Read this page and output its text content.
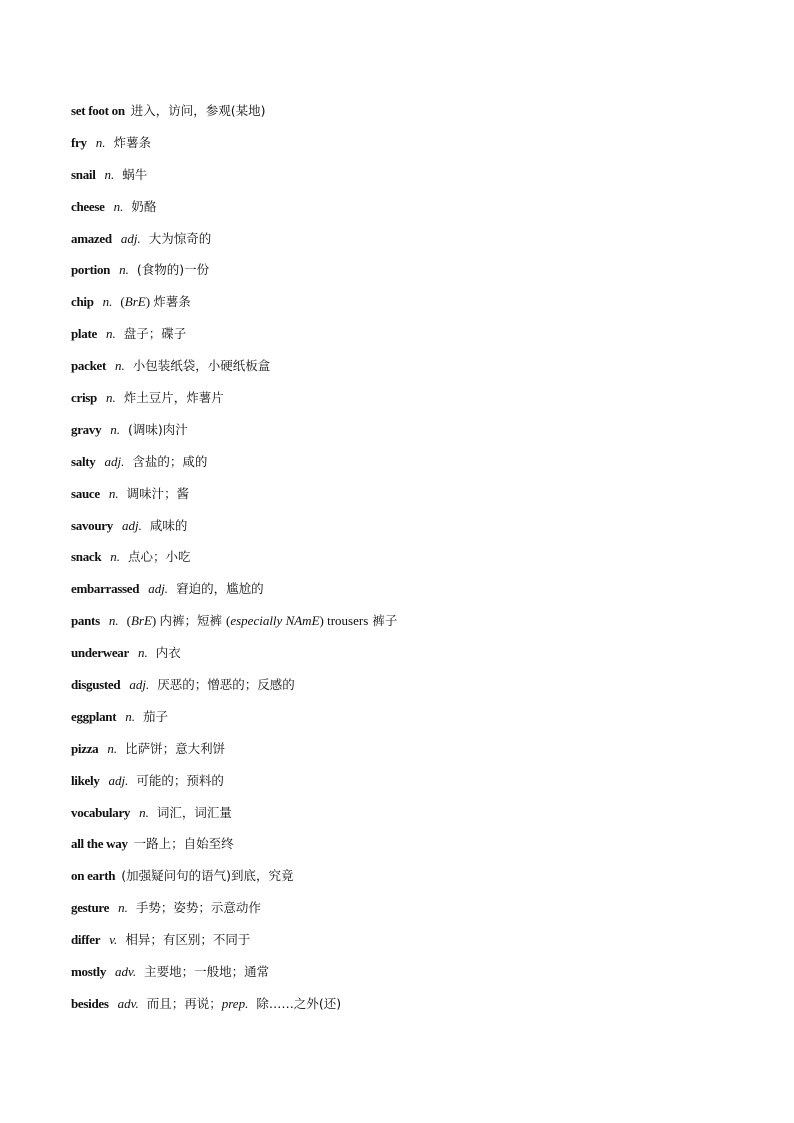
set foot on 进入，访问，参观(某地)
fry n. 炸薯条
snail n. 蜗牛
cheese n. 奶酪
amazed adj. 大为惊奇的
portion n. (食物的)一份
chip n. (BrE) 炸薯条
plate n. 盘子；碟子
packet n. 小包装纸袋，小硬纸板盒
crisp n. 炸土豆片，炸薯片
gravy n. (调味)肉汁
salty adj. 含盐的；咸的
sauce n. 调味汁；酱
savoury adj. 咸味的
snack n. 点心；小吃
embarrassed adj. 窘迫的，尴尬的
pants n. (BrE) 内裤；短裤 (especially NAmE) trousers 裤子
underwear n. 内衣
disgusted adj. 厌恶的；憎恶的；反感的
eggplant n. 茄子
pizza n. 比萨饼；意大利饼
likely adj. 可能的；预料的
vocabulary n. 词汇，词汇量
all the way 一路上；自始至终
on earth (加强疑问句的语气)到底，究竟
gesture n. 手势；姿势；示意动作
differ v. 相异；有区别；不同于
mostly adv. 主要地；一般地；通常
besides adv. 而且；再说；prep. 除……之外(还)
